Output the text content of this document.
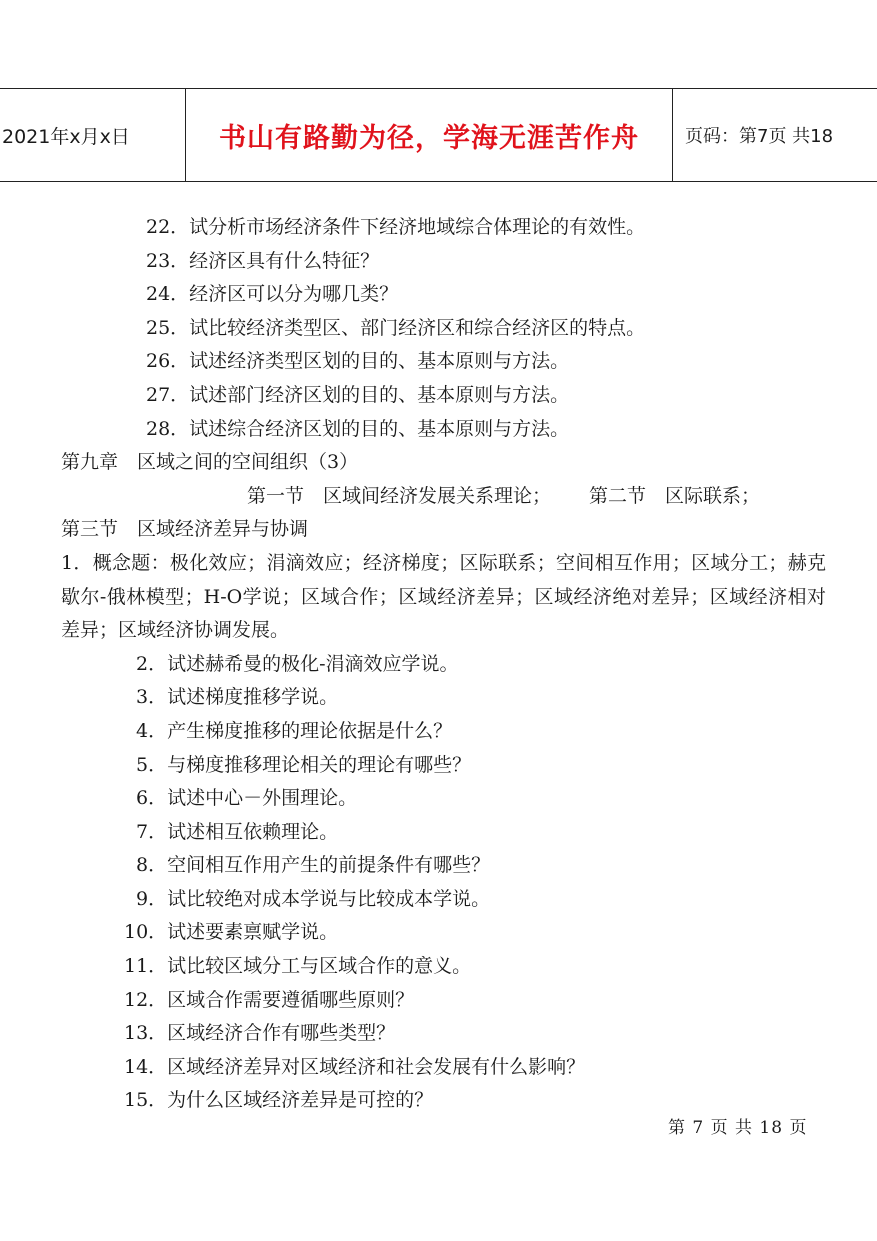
2021年x月x日	书山有路勤为径，学海无涯苦作舟	页码：第7页 共18
22．试分析市场经济条件下经济地域综合体理论的有效性。
23．经济区具有什么特征？
24．经济区可以分为哪几类？
25．试比较经济类型区、部门经济区和综合经济区的特点。
26．试述经济类型区划的目的、基本原则与方法。
27．试述部门经济区划的目的、基本原则与方法。
28．试述综合经济区划的目的、基本原则与方法。
第九章　区域之间的空间组织（3）
第一节　区域间经济发展关系理论； 第二节　区际联系；
第三节　区域经济差异与协调
1．概念题：极化效应；涓滴效应；经济梯度；区际联系；空间相互作用；区域分工；赫克歇尔-俄林模型；H-O学说；区域合作；区域经济差异；区域经济绝对差异；区域经济相对差异；区域经济协调发展。
2．试述赫希曼的极化-涓滴效应学说。
3．试述梯度推移学说。
4．产生梯度推移的理论依据是什么？
5．与梯度推移理论相关的理论有哪些？
6．试述中心－外围理论。
7．试述相互依赖理论。
8．空间相互作用产生的前提条件有哪些？
9．试比较绝对成本学说与比较成本学说。
10．试述要素禀赋学说。
11．试比较区域分工与区域合作的意义。
12．区域合作需要遵循哪些原则？
13．区域经济合作有哪些类型？
14．区域经济差异对区域经济和社会发展有什么影响？
15．为什么区域经济差异是可控的？
第 7 页 共 18 页
